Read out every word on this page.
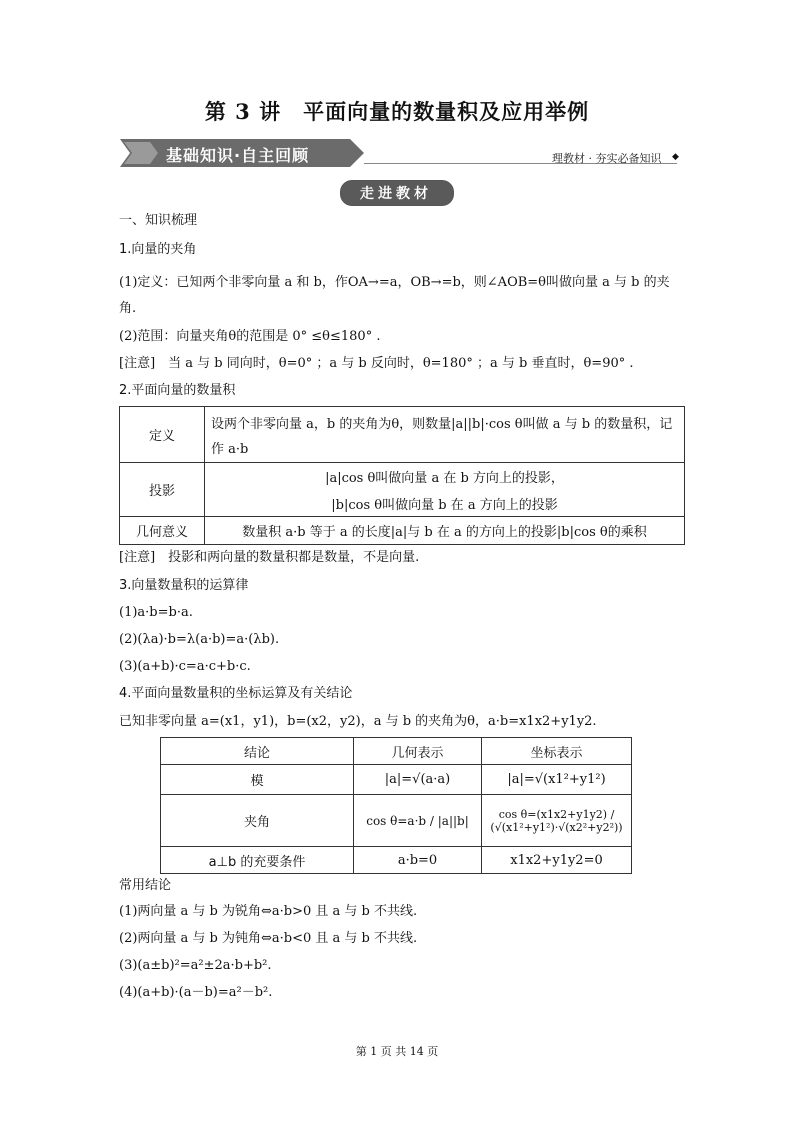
第 3 讲　平面向量的数量积及应用举例
基础知识·自主回顾	理教材 · 夯实必备知识 ◆
走进教材
一、知识梳理
1.向量的夹角
(1)定义：已知两个非零向量 a 和 b，作OA→=a，OB→=b，则∠AOB=θ叫做向量 a 与 b 的夹
角.
(2)范围：向量夹角θ的范围是 0° ≤θ≤180° .
[注意]　当 a 与 b 同向时，θ=0° ；a 与 b 反向时，θ=180° ；a 与 b 垂直时，θ=90° .
2.平面向量的数量积
定义	设两个非零向量 a，b 的夹角为θ，则数量|a||b|·cos θ叫做 a 与 b 的数量积，记
作 a·b

投影	|a|cos θ叫做向量 a 在 b 方向上的投影，
|b|cos θ叫做向量 b 在 a 方向上的投影

几何意义	数量积 a·b 等于 a 的长度|a|与 b 在 a 的方向上的投影|b|cos θ的乘积
[注意]　投影和两向量的数量积都是数量，不是向量.
3.向量数量积的运算律
(1)a·b=b·a.
(2)(λa)·b=λ(a·b)=a·(λb).
(3)(a+b)·c=a·c+b·c.
4.平面向量数量积的坐标运算及有关结论
已知非零向量 a=(x1，y1)，b=(x2，y2)，a 与 b 的夹角为θ，a·b=x1x2+y1y2.
结论	几何表示	坐标表示
模	|a|=√(a·a)	|a|=√(x1²+y1²)
夹角	cos θ=a·b / |a||b|	cos θ=(x1x2+y1y2) / (√(x1²+y1²)·√(x2²+y2²))
a⊥b 的充要条件	a·b=0	x1x2+y1y2=0
常用结论
(1)两向量 a 与 b 为锐角⇔a·b>0 且 a 与 b 不共线.
(2)两向量 a 与 b 为钝角⇔a·b<0 且 a 与 b 不共线.
(3)(a±b)²=a²±2a·b+b².
(4)(a+b)·(a－b)=a²－b².
第 1 页 共 14 页
